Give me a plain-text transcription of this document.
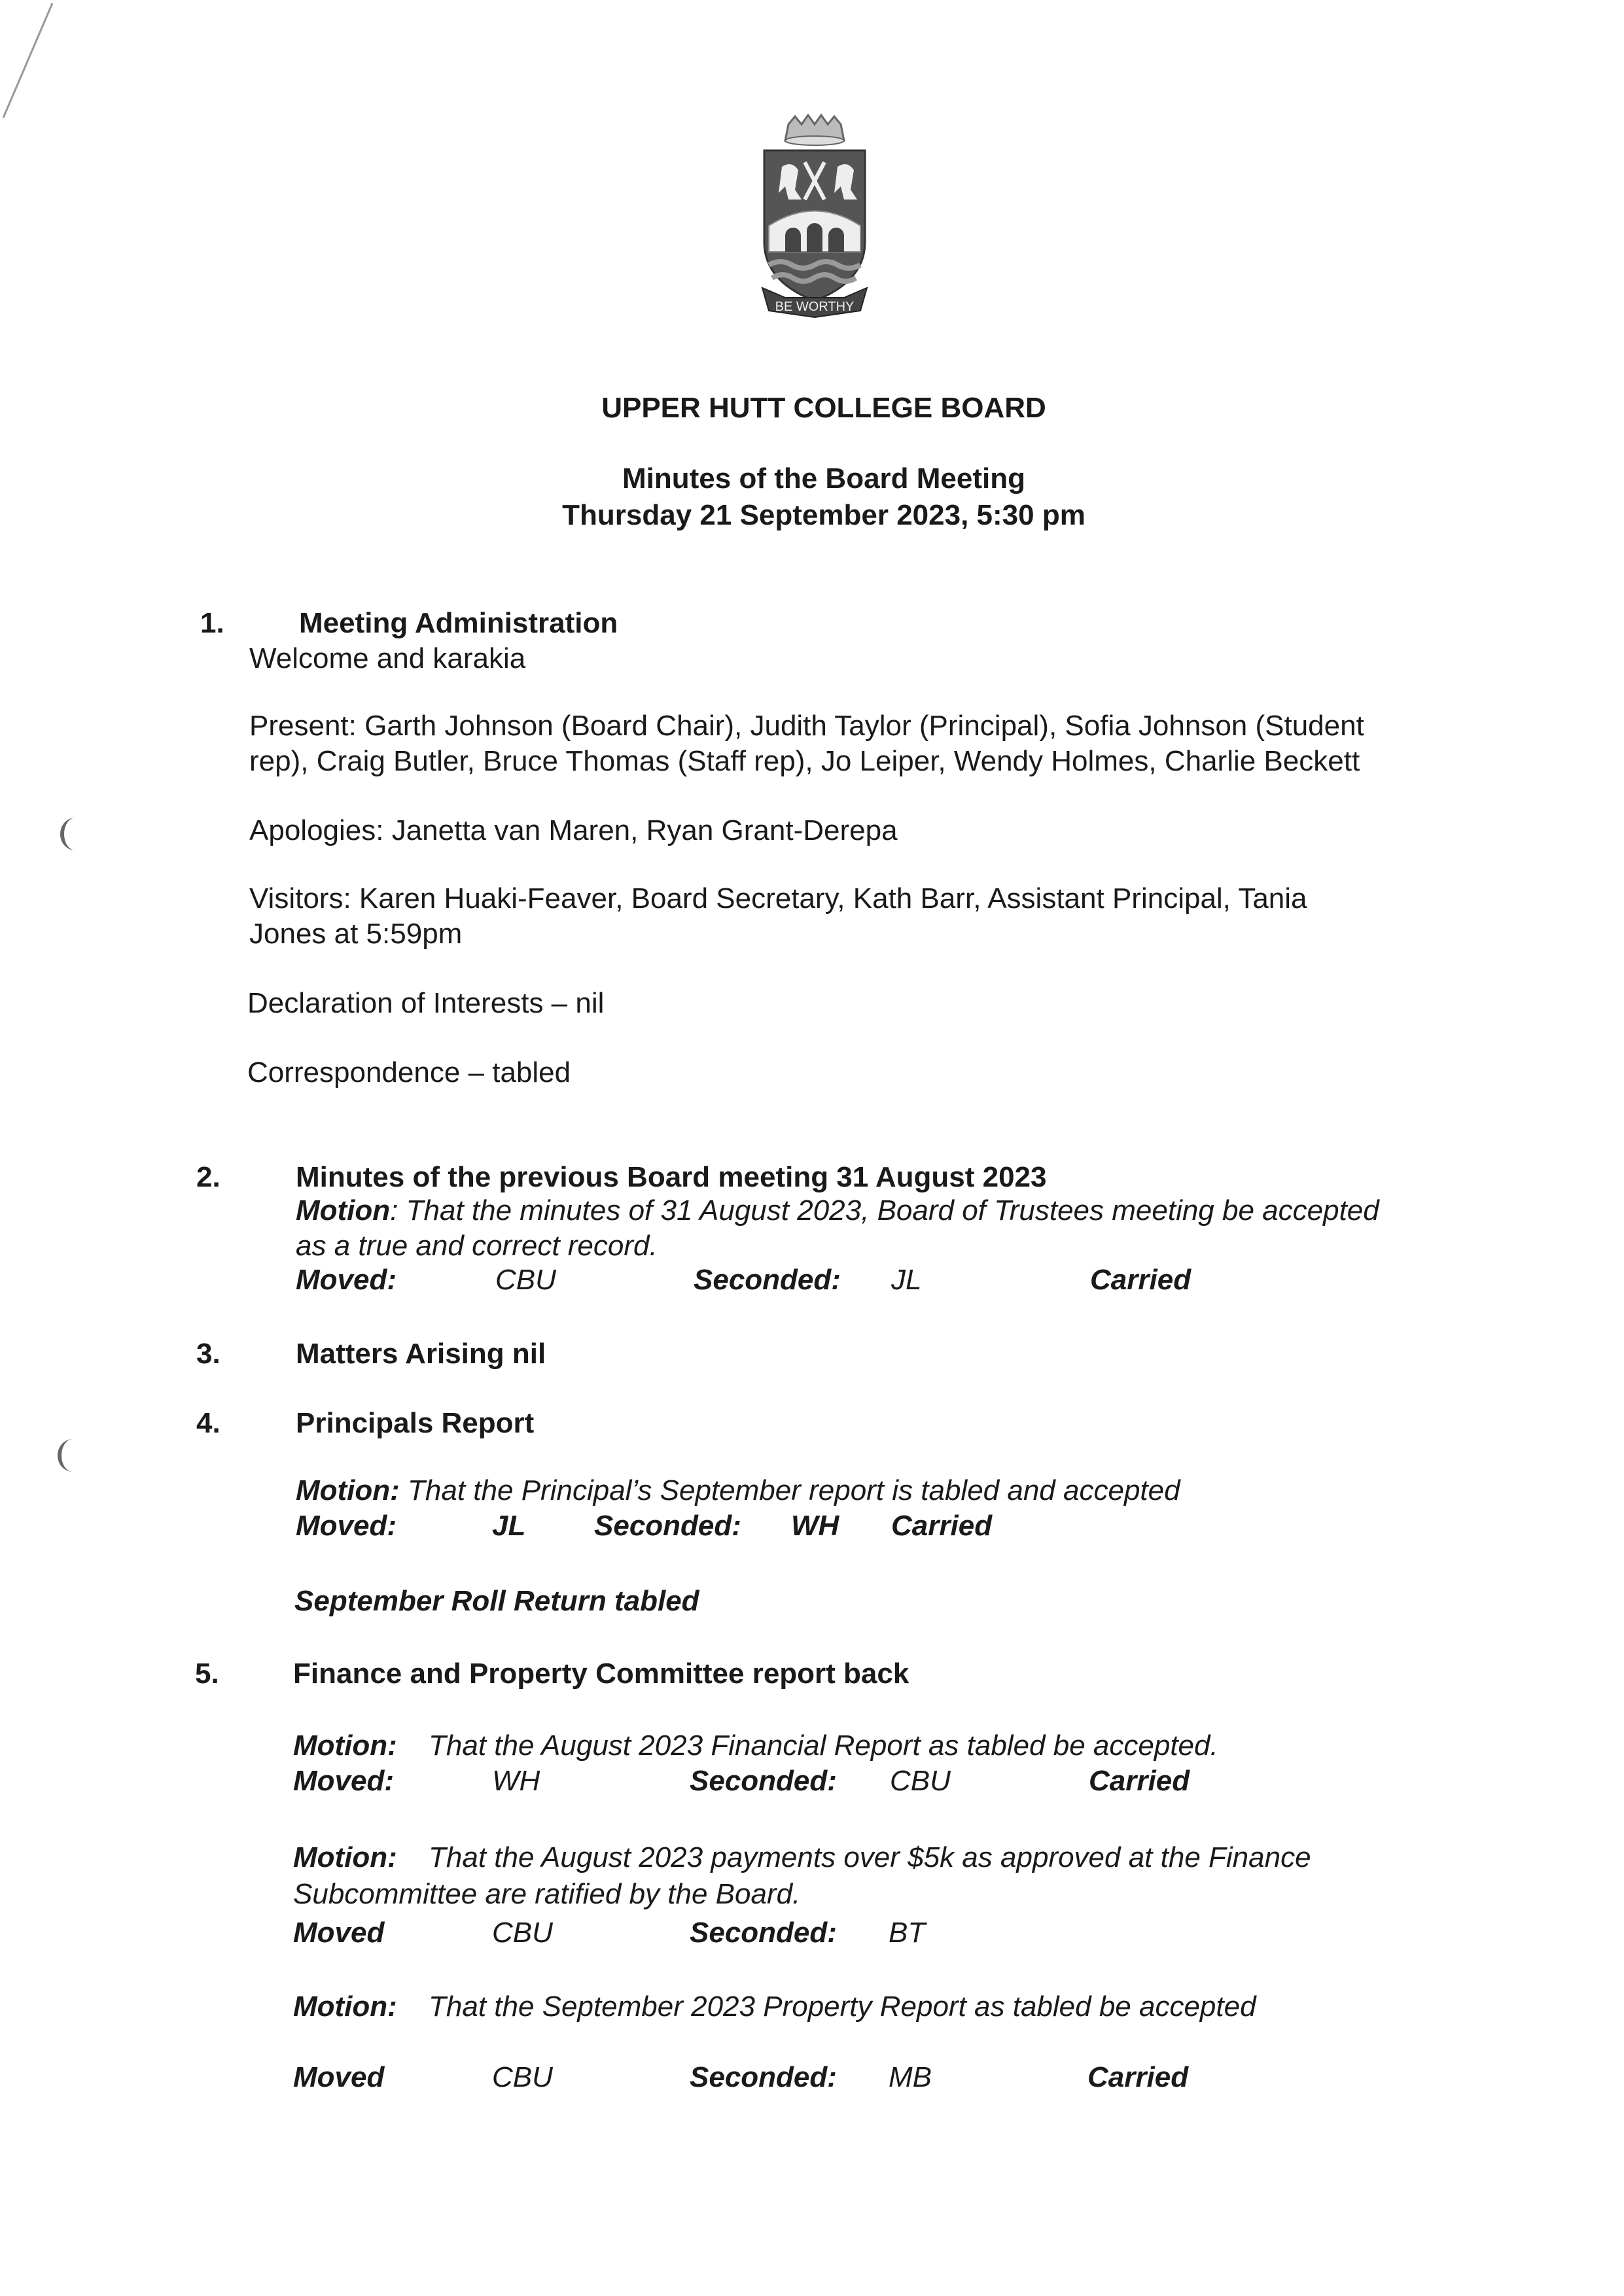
BE WORTHY
UPPER HUTT COLLEGE BOARD
Minutes of the Board Meeting
Thursday 21 September 2023, 5:30 pm
1.	Meeting Administration
Welcome and karakia
Present: Garth Johnson (Board Chair), Judith Taylor (Principal), Sofia Johnson (Student
rep), Craig Butler, Bruce Thomas (Staff rep), Jo Leiper, Wendy Holmes, Charlie Beckett
Apologies: Janetta van Maren, Ryan Grant-Derepa
Visitors: Karen Huaki-Feaver, Board Secretary, Kath Barr, Assistant Principal, Tania
Jones at 5:59pm
Declaration of Interests – nil
Correspondence – tabled
2.	Minutes of the previous Board meeting 31 August 2023
Motion: That the minutes of 31 August 2023, Board of Trustees meeting be accepted
as a true and correct record.
Moved:	CBU	Seconded: JL	Carried
3.	Matters Arising nil
4.	Principals Report
Motion: That the Principal’s September report is tabled and accepted
Moved:	JL Seconded: WH Carried
September Roll Return tabled
5.	Finance and Property Committee report back
Motion: That the August 2023 Financial Report as tabled be accepted.
Moved:	WH	Seconded: CBU	Carried
Motion: That the August 2023 payments over $5k as approved at the Finance
Subcommittee are ratified by the Board.
Moved	CBU	Seconded: BT
Motion: That the September 2023 Property Report as tabled be accepted
Moved	CBU	Seconded: MB	Carried
